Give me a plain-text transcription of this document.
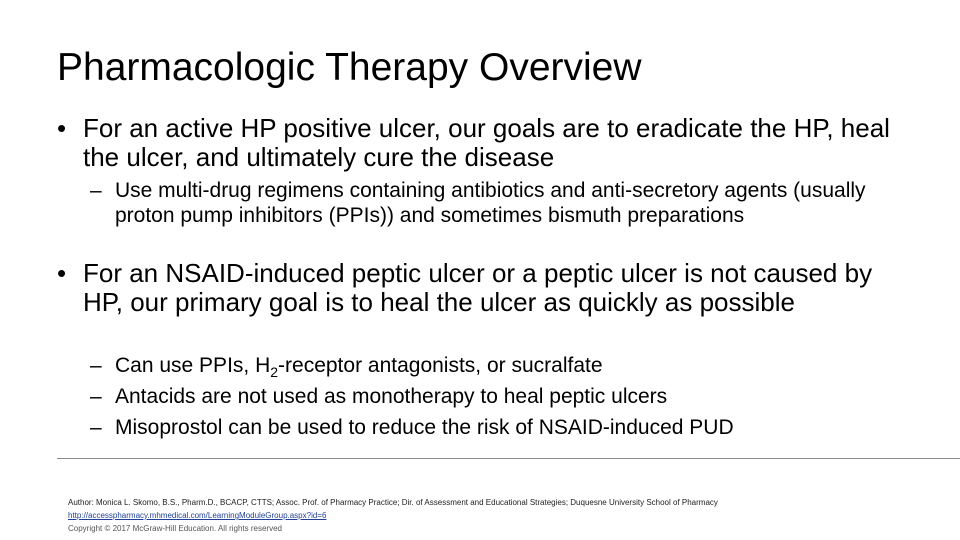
Pharmacologic Therapy Overview
• For an active HP positive ulcer, our goals are to eradicate the HP, heal the ulcer, and ultimately cure the disease
– Use multi-drug regimens containing antibiotics and anti-secretory agents (usually proton pump inhibitors (PPIs)) and sometimes bismuth preparations
• For an NSAID-induced peptic ulcer or a peptic ulcer is not caused by HP, our primary goal is to heal the ulcer as quickly as possible
– Can use PPIs, $H_2$-receptor antagonists, or sucralfate
– Antacids are not used as monotherapy to heal peptic ulcers
– Misoprostol can be used to reduce the risk of NSAID-induced PUD
Author: Monica L. Skomo, B.S., Pharm.D., BCACP, CTTS; Assoc. Prof. of Pharmacy Practice; Dir. of Assessment and Educational Strategies; Duquesne University School of Pharmacy
http://accesspharmacy.mhmedical.com/LearningModuleGroup.aspx?id=6
Copyright © 2017 McGraw-Hill Education. All rights reserved
